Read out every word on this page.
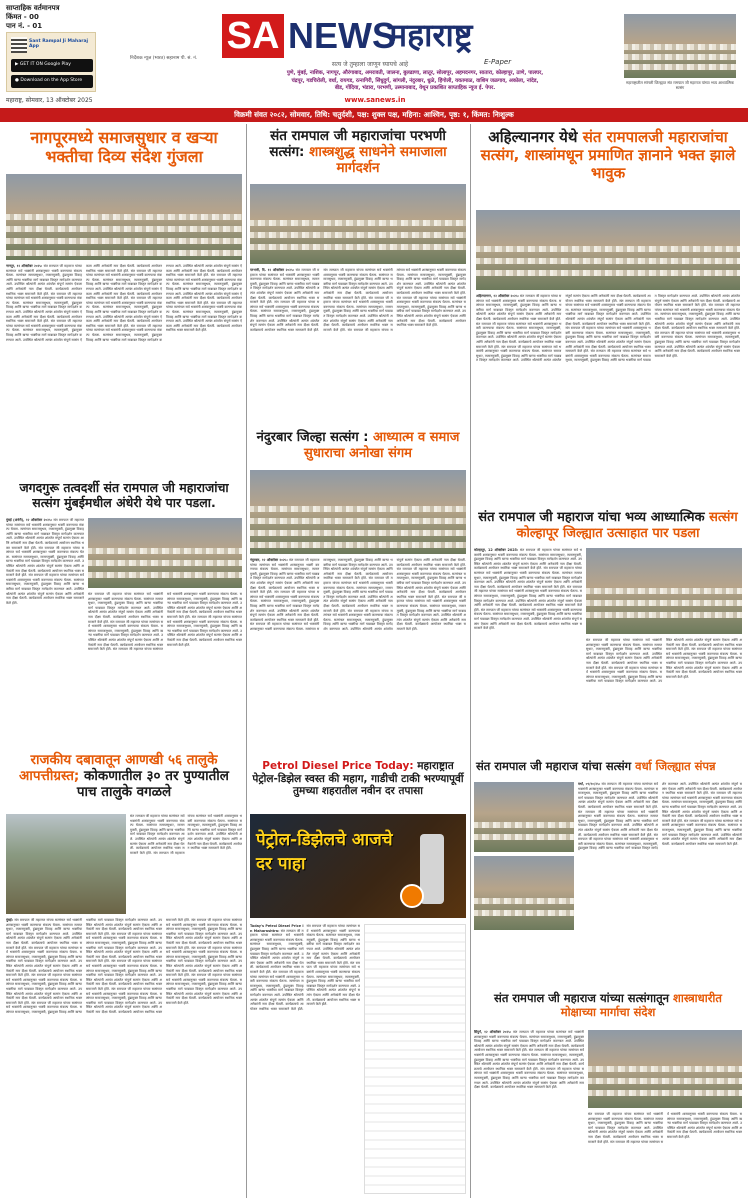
साप्ताहिक वर्तमानपत्र
किंमत - 00
पान नं. - 01
Sant Rampal Ji Maharaj App
▶ GET IT ON Google Play
● Download on the App Store
निर्देशक न्यूज (भारत) सहानाम पी. सं. नं.
SA NEWS
महाराष्ट्र
सत्य जे तुम्हाला जाणून घ्यायचे आहे	E-Paper
महाराष्ट्रातील सांगली जिल्ह्यात संत रामपाल जी महाराज यांच्या भव्य आध्यात्मिक सत्संग
पुणे, मुंबई, नाशिक, नागपूर, औरंगाबाद, अमरावती, जालना, बुलढाणा, लातूर, सोलापूर, अहमदनगर, सातारा, कोल्हापूर, ठाणे, पालघर,
चंद्रपूर, गडचिरोली, वर्धा, रायगड, रत्नागिरी, सिंधुदुर्ग, सांगली, नंदुरबार, धुळे, हिंगोली, यवतमाळ, वाशिम जळगाव, अकोला, नांदेड,
बीड, गोंदिया, भंडारा, परभणी, उस्मानाबाद, येथून प्रकाशित साप्ताहिक न्यूज ई. पेपर.
महाराष्ट्र, सोमवार, 13 ऑक्टोबर 2025	www.sanews.in
विक्रमी संवत २०८२, सोमवार, तिथि: चतुर्दशी, पक्ष: शुक्ल पक्ष, महिना: आश्विन, पृष्ठ: १, किंमत: निःशुल्क
नागपूरमध्ये समाजसुधार व खऱ्या भक्तीचा दिव्य संदेश गुंजला
नागपूर, १२ ऑक्टोबर २०२५: संत रामपाल जी महाराज यांच्या सत्संगात सर्व भक्तांनी शास्त्रानुसार भक्ती करण्याचा संकल्प घेतला. सत्संगात समाजसुधार, व्यसनमुक्ती, हुंडामुक्त विवाह आणि खऱ्या भक्तीचा मार्ग याबाबत विस्तृत मार्गदर्शन करण्यात आले. उपस्थित श्रोत्यांनी अत्यंत शांततेत संपूर्ण सत्संग ऐकला आणि अनेकांनी नाम दीक्षा घेतली. कार्यक्रमाचे आयोजन स्थानिक भक्त समाजाने केले होते. संत रामपाल जी महाराज यांच्या सत्संगात सर्व भक्तांनी शास्त्रानुसार भक्ती करण्याचा संकल्प घेतला. सत्संगात समाजसुधार, व्यसनमुक्ती, हुंडामुक्त विवाह आणि खऱ्या भक्तीचा मार्ग याबाबत विस्तृत मार्गदर्शन करण्यात आले. उपस्थित श्रोत्यांनी अत्यंत शांततेत संपूर्ण सत्संग ऐकला आणि अनेकांनी नाम दीक्षा घेतली. कार्यक्रमाचे आयोजन स्थानिक भक्त समाजाने केले होते. संत रामपाल जी महाराज यांच्या सत्संगात सर्व भक्तांनी शास्त्रानुसार भक्ती करण्याचा संकल्प घेतला. सत्संगात समाजसुधार, व्यसनमुक्ती, हुंडामुक्त विवाह आणि खऱ्या भक्तीचा मार्ग याबाबत विस्तृत मार्गदर्शन करण्यात आले. उपस्थित श्रोत्यांनी अत्यंत शांततेत संपूर्ण सत्संग ऐकला आणि अनेकांनी नाम दीक्षा घेतली. कार्यक्रमाचे आयोजन स्थानिक भक्त समाजाने केले होते. संत रामपाल जी महाराज यांच्या सत्संगात सर्व भक्तांनी शास्त्रानुसार भक्ती करण्याचा संकल्प घेतला. सत्संगात समाजसुधार, व्यसनमुक्ती, हुंडामुक्त विवाह आणि खऱ्या भक्तीचा मार्ग याबाबत विस्तृत मार्गदर्शन करण्यात आले. उपस्थित श्रोत्यांनी अत्यंत शांततेत संपूर्ण सत्संग ऐकला आणि अनेकांनी नाम दीक्षा घेतली. कार्यक्रमाचे आयोजन स्थानिक भक्त समाजाने केले होते. संत रामपाल जी महाराज यांच्या सत्संगात सर्व भक्तांनी शास्त्रानुसार भक्ती करण्याचा संकल्प घेतला. सत्संगात समाजसुधार, व्यसनमुक्ती, हुंडामुक्त विवाह आणि खऱ्या भक्तीचा मार्ग याबाबत विस्तृत मार्गदर्शन करण्यात आले. उपस्थित श्रोत्यांनी अत्यंत शांततेत संपूर्ण सत्संग ऐकला आणि अनेकांनी नाम दीक्षा घेतली. कार्यक्रमाचे आयोजन स्थानिक भक्त समाजाने केले होते. संत रामपाल जी महाराज यांच्या सत्संगात सर्व भक्तांनी शास्त्रानुसार भक्ती करण्याचा संकल्प घेतला. सत्संगात समाजसुधार, व्यसनमुक्ती, हुंडामुक्त विवाह आणि खऱ्या भक्तीचा मार्ग याबाबत विस्तृत मार्गदर्शन करण्यात आले. उपस्थित श्रोत्यांनी अत्यंत शांततेत संपूर्ण सत्संग ऐकला आणि अनेकांनी नाम दीक्षा घेतली. कार्यक्रमाचे आयोजन स्थानिक भक्त समाजाने केले होते. संत रामपाल जी महाराज यांच्या सत्संगात सर्व भक्तांनी शास्त्रानुसार भक्ती करण्याचा संकल्प घेतला. सत्संगात समाजसुधार, व्यसनमुक्ती, हुंडामुक्त विवाह आणि खऱ्या भक्तीचा मार्ग याबाबत विस्तृत मार्गदर्शन करण्यात आले. उपस्थित श्रोत्यांनी अत्यंत शांततेत संपूर्ण सत्संग ऐकला आणि अनेकांनी नाम दीक्षा घेतली. कार्यक्रमाचे आयोजन स्थानिक भक्त समाजाने केले होते. संत रामपाल जी महाराज यांच्या सत्संगात सर्व भक्तांनी शास्त्रानुसार भक्ती करण्याचा संकल्प घेतला. सत्संगात समाजसुधार, व्यसनमुक्ती, हुंडामुक्त विवाह आणि खऱ्या भक्तीचा मार्ग याबाबत विस्तृत मार्गदर्शन करण्यात आले. उपस्थित श्रोत्यांनी अत्यंत शांततेत संपूर्ण सत्संग ऐकला आणि अनेकांनी नाम दीक्षा घेतली. कार्यक्रमाचे आयोजन स्थानिक भक्त समाजाने केले होते.
संत रामपाल जी महाराजांचा परभणी सत्संग: शास्त्रशुद्ध साधनेने समाजाला मार्गदर्शन
परभणी, दि. १२ ऑक्टोबर २०२५: संत रामपाल जी महाराज यांच्या सत्संगात सर्व भक्तांनी शास्त्रानुसार भक्ती करण्याचा संकल्प घेतला. सत्संगात समाजसुधार, व्यसनमुक्ती, हुंडामुक्त विवाह आणि खऱ्या भक्तीचा मार्ग याबाबत विस्तृत मार्गदर्शन करण्यात आले. उपस्थित श्रोत्यांनी अत्यंत शांततेत संपूर्ण सत्संग ऐकला आणि अनेकांनी नाम दीक्षा घेतली. कार्यक्रमाचे आयोजन स्थानिक भक्त समाजाने केले होते. संत रामपाल जी महाराज यांच्या सत्संगात सर्व भक्तांनी शास्त्रानुसार भक्ती करण्याचा संकल्प घेतला. सत्संगात समाजसुधार, व्यसनमुक्ती, हुंडामुक्त विवाह आणि खऱ्या भक्तीचा मार्ग याबाबत विस्तृत मार्गदर्शन करण्यात आले. उपस्थित श्रोत्यांनी अत्यंत शांततेत संपूर्ण सत्संग ऐकला आणि अनेकांनी नाम दीक्षा घेतली. कार्यक्रमाचे आयोजन स्थानिक भक्त समाजाने केले होते. संत रामपाल जी महाराज यांच्या सत्संगात सर्व भक्तांनी शास्त्रानुसार भक्ती करण्याचा संकल्प घेतला. सत्संगात समाजसुधार, व्यसनमुक्ती, हुंडामुक्त विवाह आणि खऱ्या भक्तीचा मार्ग याबाबत विस्तृत मार्गदर्शन करण्यात आले. उपस्थित श्रोत्यांनी अत्यंत शांततेत संपूर्ण सत्संग ऐकला आणि अनेकांनी नाम दीक्षा घेतली. कार्यक्रमाचे आयोजन स्थानिक भक्त समाजाने केले होते. संत रामपाल जी महाराज यांच्या सत्संगात सर्व भक्तांनी शास्त्रानुसार भक्ती करण्याचा संकल्प घेतला. सत्संगात समाजसुधार, व्यसनमुक्ती, हुंडामुक्त विवाह आणि खऱ्या भक्तीचा मार्ग याबाबत विस्तृत मार्गदर्शन करण्यात आले. उपस्थित श्रोत्यांनी अत्यंत शांततेत संपूर्ण सत्संग ऐकला आणि अनेकांनी नाम दीक्षा घेतली. कार्यक्रमाचे आयोजन स्थानिक भक्त समाजाने केले होते. संत रामपाल जी महाराज यांच्या सत्संगात सर्व भक्तांनी शास्त्रानुसार भक्ती करण्याचा संकल्प घेतला. सत्संगात समाजसुधार, व्यसनमुक्ती, हुंडामुक्त विवाह आणि खऱ्या भक्तीचा मार्ग याबाबत विस्तृत मार्गदर्शन करण्यात आले. उपस्थित श्रोत्यांनी अत्यंत शांततेत संपूर्ण सत्संग ऐकला आणि अनेकांनी नाम दीक्षा घेतली. कार्यक्रमाचे आयोजन स्थानिक भक्त समाजाने केले होते. संत रामपाल जी महाराज यांच्या सत्संगात सर्व भक्तांनी शास्त्रानुसार भक्ती करण्याचा संकल्प घेतला. सत्संगात समाजसुधार, व्यसनमुक्ती, हुंडामुक्त विवाह आणि खऱ्या भक्तीचा मार्ग याबाबत विस्तृत मार्गदर्शन करण्यात आले. उपस्थित श्रोत्यांनी अत्यंत शांततेत संपूर्ण सत्संग ऐकला आणि अनेकांनी नाम दीक्षा घेतली. कार्यक्रमाचे आयोजन स्थानिक भक्त समाजाने केले होते.
अहिल्यानगर येथे संत रामपालजी महाराजांचा सत्संग, शास्त्रांमधून प्रमाणित ज्ञानाने भक्त झाले भावुक
अहिल्यानगर, १२ ऑक्टोबर २०२५: संत रामपाल जी महाराज यांच्या सत्संगात सर्व भक्तांनी शास्त्रानुसार भक्ती करण्याचा संकल्प घेतला. सत्संगात समाजसुधार, व्यसनमुक्ती, हुंडामुक्त विवाह आणि खऱ्या भक्तीचा मार्ग याबाबत विस्तृत मार्गदर्शन करण्यात आले. उपस्थित श्रोत्यांनी अत्यंत शांततेत संपूर्ण सत्संग ऐकला आणि अनेकांनी नाम दीक्षा घेतली. कार्यक्रमाचे आयोजन स्थानिक भक्त समाजाने केले होते. संत रामपाल जी महाराज यांच्या सत्संगात सर्व भक्तांनी शास्त्रानुसार भक्ती करण्याचा संकल्प घेतला. सत्संगात समाजसुधार, व्यसनमुक्ती, हुंडामुक्त विवाह आणि खऱ्या भक्तीचा मार्ग याबाबत विस्तृत मार्गदर्शन करण्यात आले. उपस्थित श्रोत्यांनी अत्यंत शांततेत संपूर्ण सत्संग ऐकला आणि अनेकांनी नाम दीक्षा घेतली. कार्यक्रमाचे आयोजन स्थानिक भक्त समाजाने केले होते. संत रामपाल जी महाराज यांच्या सत्संगात सर्व भक्तांनी शास्त्रानुसार भक्ती करण्याचा संकल्प घेतला. सत्संगात समाजसुधार, व्यसनमुक्ती, हुंडामुक्त विवाह आणि खऱ्या भक्तीचा मार्ग याबाबत विस्तृत मार्गदर्शन करण्यात आले. उपस्थित श्रोत्यांनी अत्यंत शांततेत संपूर्ण सत्संग ऐकला आणि अनेकांनी नाम दीक्षा घेतली. कार्यक्रमाचे आयोजन स्थानिक भक्त समाजाने केले होते. संत रामपाल जी महाराज यांच्या सत्संगात सर्व भक्तांनी शास्त्रानुसार भक्ती करण्याचा संकल्प घेतला. सत्संगात समाजसुधार, व्यसनमुक्ती, हुंडामुक्त विवाह आणि खऱ्या भक्तीचा मार्ग याबाबत विस्तृत मार्गदर्शन करण्यात आले. उपस्थित श्रोत्यांनी अत्यंत शांततेत संपूर्ण सत्संग ऐकला आणि अनेकांनी नाम दीक्षा घेतली. कार्यक्रमाचे आयोजन स्थानिक भक्त समाजाने केले होते. संत रामपाल जी महाराज यांच्या सत्संगात सर्व भक्तांनी शास्त्रानुसार भक्ती करण्याचा संकल्प घेतला. सत्संगात समाजसुधार, व्यसनमुक्ती, हुंडामुक्त विवाह आणि खऱ्या भक्तीचा मार्ग याबाबत विस्तृत मार्गदर्शन करण्यात आले. उपस्थित श्रोत्यांनी अत्यंत शांततेत संपूर्ण सत्संग ऐकला आणि अनेकांनी नाम दीक्षा घेतली. कार्यक्रमाचे आयोजन स्थानिक भक्त समाजाने केले होते. संत रामपाल जी महाराज यांच्या सत्संगात सर्व भक्तांनी शास्त्रानुसार भक्ती करण्याचा संकल्प घेतला. सत्संगात समाजसुधार, व्यसनमुक्ती, हुंडामुक्त विवाह आणि खऱ्या भक्तीचा मार्ग याबाबत विस्तृत मार्गदर्शन करण्यात आले. उपस्थित श्रोत्यांनी अत्यंत शांततेत संपूर्ण सत्संग ऐकला आणि अनेकांनी नाम दीक्षा घेतली. कार्यक्रमाचे आयोजन स्थानिक भक्त समाजाने केले होते. संत रामपाल जी महाराज यांच्या सत्संगात सर्व भक्तांनी शास्त्रानुसार भक्ती करण्याचा संकल्प घेतला. सत्संगात समाजसुधार, व्यसनमुक्ती, हुंडामुक्त विवाह आणि खऱ्या भक्तीचा मार्ग याबाबत विस्तृत मार्गदर्शन करण्यात आले. उपस्थित श्रोत्यांनी अत्यंत शांततेत संपूर्ण सत्संग ऐकला आणि अनेकांनी नाम दीक्षा घेतली. कार्यक्रमाचे आयोजन स्थानिक भक्त समाजाने केले होते. संत रामपाल जी महाराज यांच्या सत्संगात सर्व भक्तांनी शास्त्रानुसार भक्ती करण्याचा संकल्प घेतला. सत्संगात समाजसुधार, व्यसनमुक्ती, हुंडामुक्त विवाह आणि खऱ्या भक्तीचा मार्ग याबाबत विस्तृत मार्गदर्शन करण्यात आले. उपस्थित श्रोत्यांनी अत्यंत शांततेत संपूर्ण सत्संग ऐकला आणि अनेकांनी नाम दीक्षा घेतली. कार्यक्रमाचे आयोजन स्थानिक भक्त समाजाने केले होते.
जगदगुरू तत्वदर्शी संत रामपाल जी महाराजांचा सत्संग मुंबईमधील अंधेरी येथे पार पडला.
मुंबई (अंधेरी), १२ ऑक्टोबर २०२५: संत रामपाल जी महाराज यांच्या सत्संगात सर्व भक्तांनी शास्त्रानुसार भक्ती करण्याचा संकल्प घेतला. सत्संगात समाजसुधार, व्यसनमुक्ती, हुंडामुक्त विवाह आणि खऱ्या भक्तीचा मार्ग याबाबत विस्तृत मार्गदर्शन करण्यात आले. उपस्थित श्रोत्यांनी अत्यंत शांततेत संपूर्ण सत्संग ऐकला आणि अनेकांनी नाम दीक्षा घेतली. कार्यक्रमाचे आयोजन स्थानिक भक्त समाजाने केले होते. संत रामपाल जी महाराज यांच्या सत्संगात सर्व भक्तांनी शास्त्रानुसार भक्ती करण्याचा संकल्प घेतला. सत्संगात समाजसुधार, व्यसनमुक्ती, हुंडामुक्त विवाह आणि खऱ्या भक्तीचा मार्ग याबाबत विस्तृत मार्गदर्शन करण्यात आले. उपस्थित श्रोत्यांनी अत्यंत शांततेत संपूर्ण सत्संग ऐकला आणि अनेकांनी नाम दीक्षा घेतली. कार्यक्रमाचे आयोजन स्थानिक भक्त समाजाने केले होते. संत रामपाल जी महाराज यांच्या सत्संगात सर्व भक्तांनी शास्त्रानुसार भक्ती करण्याचा संकल्प घेतला. सत्संगात समाजसुधार, व्यसनमुक्ती, हुंडामुक्त विवाह आणि खऱ्या भक्तीचा मार्ग याबाबत विस्तृत मार्गदर्शन करण्यात आले. उपस्थित श्रोत्यांनी अत्यंत शांततेत संपूर्ण सत्संग ऐकला आणि अनेकांनी नाम दीक्षा घेतली. कार्यक्रमाचे आयोजन स्थानिक भक्त समाजाने केले होते.
संत रामपाल जी महाराज यांच्या सत्संगात सर्व भक्तांनी शास्त्रानुसार भक्ती करण्याचा संकल्प घेतला. सत्संगात समाजसुधार, व्यसनमुक्ती, हुंडामुक्त विवाह आणि खऱ्या भक्तीचा मार्ग याबाबत विस्तृत मार्गदर्शन करण्यात आले. उपस्थित श्रोत्यांनी अत्यंत शांततेत संपूर्ण सत्संग ऐकला आणि अनेकांनी नाम दीक्षा घेतली. कार्यक्रमाचे आयोजन स्थानिक भक्त समाजाने केले होते. संत रामपाल जी महाराज यांच्या सत्संगात सर्व भक्तांनी शास्त्रानुसार भक्ती करण्याचा संकल्प घेतला. सत्संगात समाजसुधार, व्यसनमुक्ती, हुंडामुक्त विवाह आणि खऱ्या भक्तीचा मार्ग याबाबत विस्तृत मार्गदर्शन करण्यात आले. उपस्थित श्रोत्यांनी अत्यंत शांततेत संपूर्ण सत्संग ऐकला आणि अनेकांनी नाम दीक्षा घेतली. कार्यक्रमाचे आयोजन स्थानिक भक्त समाजाने केले होते. संत रामपाल जी महाराज यांच्या सत्संगात सर्व भक्तांनी शास्त्रानुसार भक्ती करण्याचा संकल्प घेतला. सत्संगात समाजसुधार, व्यसनमुक्ती, हुंडामुक्त विवाह आणि खऱ्या भक्तीचा मार्ग याबाबत विस्तृत मार्गदर्शन करण्यात आले. उपस्थित श्रोत्यांनी अत्यंत शांततेत संपूर्ण सत्संग ऐकला आणि अनेकांनी नाम दीक्षा घेतली. कार्यक्रमाचे आयोजन स्थानिक भक्त समाजाने केले होते. संत रामपाल जी महाराज यांच्या सत्संगात सर्व भक्तांनी शास्त्रानुसार भक्ती करण्याचा संकल्प घेतला. सत्संगात समाजसुधार, व्यसनमुक्ती, हुंडामुक्त विवाह आणि खऱ्या भक्तीचा मार्ग याबाबत विस्तृत मार्गदर्शन करण्यात आले. उपस्थित श्रोत्यांनी अत्यंत शांततेत संपूर्ण सत्संग ऐकला आणि अनेकांनी नाम दीक्षा घेतली. कार्यक्रमाचे आयोजन स्थानिक भक्त समाजाने केले होते.
नंदुरबार जिल्हा सत्संग : आध्यात्म व समाज सुधाराचा अनोखा संगम
नंदुरबार, १२ ऑक्टोबर २०२५: संत रामपाल जी महाराज यांच्या सत्संगात सर्व भक्तांनी शास्त्रानुसार भक्ती करण्याचा संकल्प घेतला. सत्संगात समाजसुधार, व्यसनमुक्ती, हुंडामुक्त विवाह आणि खऱ्या भक्तीचा मार्ग याबाबत विस्तृत मार्गदर्शन करण्यात आले. उपस्थित श्रोत्यांनी अत्यंत शांततेत संपूर्ण सत्संग ऐकला आणि अनेकांनी नाम दीक्षा घेतली. कार्यक्रमाचे आयोजन स्थानिक भक्त समाजाने केले होते. संत रामपाल जी महाराज यांच्या सत्संगात सर्व भक्तांनी शास्त्रानुसार भक्ती करण्याचा संकल्प घेतला. सत्संगात समाजसुधार, व्यसनमुक्ती, हुंडामुक्त विवाह आणि खऱ्या भक्तीचा मार्ग याबाबत विस्तृत मार्गदर्शन करण्यात आले. उपस्थित श्रोत्यांनी अत्यंत शांततेत संपूर्ण सत्संग ऐकला आणि अनेकांनी नाम दीक्षा घेतली. कार्यक्रमाचे आयोजन स्थानिक भक्त समाजाने केले होते. संत रामपाल जी महाराज यांच्या सत्संगात सर्व भक्तांनी शास्त्रानुसार भक्ती करण्याचा संकल्प घेतला. सत्संगात समाजसुधार, व्यसनमुक्ती, हुंडामुक्त विवाह आणि खऱ्या भक्तीचा मार्ग याबाबत विस्तृत मार्गदर्शन करण्यात आले. उपस्थित श्रोत्यांनी अत्यंत शांततेत संपूर्ण सत्संग ऐकला आणि अनेकांनी नाम दीक्षा घेतली. कार्यक्रमाचे आयोजन स्थानिक भक्त समाजाने केले होते. संत रामपाल जी महाराज यांच्या सत्संगात सर्व भक्तांनी शास्त्रानुसार भक्ती करण्याचा संकल्प घेतला. सत्संगात समाजसुधार, व्यसनमुक्ती, हुंडामुक्त विवाह आणि खऱ्या भक्तीचा मार्ग याबाबत विस्तृत मार्गदर्शन करण्यात आले. उपस्थित श्रोत्यांनी अत्यंत शांततेत संपूर्ण सत्संग ऐकला आणि अनेकांनी नाम दीक्षा घेतली. कार्यक्रमाचे आयोजन स्थानिक भक्त समाजाने केले होते. संत रामपाल जी महाराज यांच्या सत्संगात सर्व भक्तांनी शास्त्रानुसार भक्ती करण्याचा संकल्प घेतला. सत्संगात समाजसुधार, व्यसनमुक्ती, हुंडामुक्त विवाह आणि खऱ्या भक्तीचा मार्ग याबाबत विस्तृत मार्गदर्शन करण्यात आले. उपस्थित श्रोत्यांनी अत्यंत शांततेत संपूर्ण सत्संग ऐकला आणि अनेकांनी नाम दीक्षा घेतली. कार्यक्रमाचे आयोजन स्थानिक भक्त समाजाने केले होते. संत रामपाल जी महाराज यांच्या सत्संगात सर्व भक्तांनी शास्त्रानुसार भक्ती करण्याचा संकल्प घेतला. सत्संगात समाजसुधार, व्यसनमुक्ती, हुंडामुक्त विवाह आणि खऱ्या भक्तीचा मार्ग याबाबत विस्तृत मार्गदर्शन करण्यात आले. उपस्थित श्रोत्यांनी अत्यंत शांततेत संपूर्ण सत्संग ऐकला आणि अनेकांनी नाम दीक्षा घेतली. कार्यक्रमाचे आयोजन स्थानिक भक्त समाजाने केले होते. संत रामपाल जी महाराज यांच्या सत्संगात सर्व भक्तांनी शास्त्रानुसार भक्ती करण्याचा संकल्प घेतला. सत्संगात समाजसुधार, व्यसनमुक्ती, हुंडामुक्त विवाह आणि खऱ्या भक्तीचा मार्ग याबाबत विस्तृत मार्गदर्शन करण्यात आले. उपस्थित श्रोत्यांनी अत्यंत शांततेत संपूर्ण सत्संग ऐकला आणि अनेकांनी नाम दीक्षा घेतली. कार्यक्रमाचे आयोजन स्थानिक भक्त समाजाने केले होते.
संत रामपाल जी महाराज यांचा भव्य आध्यात्मिक सत्संग कोल्हापूर जिल्ह्यात उत्साहात पार पडला
कोल्हापूर, 12 ऑक्टोबर 2025: संत रामपाल जी महाराज यांच्या सत्संगात सर्व भक्तांनी शास्त्रानुसार भक्ती करण्याचा संकल्प घेतला. सत्संगात समाजसुधार, व्यसनमुक्ती, हुंडामुक्त विवाह आणि खऱ्या भक्तीचा मार्ग याबाबत विस्तृत मार्गदर्शन करण्यात आले. उपस्थित श्रोत्यांनी अत्यंत शांततेत संपूर्ण सत्संग ऐकला आणि अनेकांनी नाम दीक्षा घेतली. कार्यक्रमाचे आयोजन स्थानिक भक्त समाजाने केले होते. संत रामपाल जी महाराज यांच्या सत्संगात सर्व भक्तांनी शास्त्रानुसार भक्ती करण्याचा संकल्प घेतला. सत्संगात समाजसुधार, व्यसनमुक्ती, हुंडामुक्त विवाह आणि खऱ्या भक्तीचा मार्ग याबाबत विस्तृत मार्गदर्शन करण्यात आले. उपस्थित श्रोत्यांनी अत्यंत शांततेत संपूर्ण सत्संग ऐकला आणि अनेकांनी नाम दीक्षा घेतली. कार्यक्रमाचे आयोजन स्थानिक भक्त समाजाने केले होते. संत रामपाल जी महाराज यांच्या सत्संगात सर्व भक्तांनी शास्त्रानुसार भक्ती करण्याचा संकल्प घेतला. सत्संगात समाजसुधार, व्यसनमुक्ती, हुंडामुक्त विवाह आणि खऱ्या भक्तीचा मार्ग याबाबत विस्तृत मार्गदर्शन करण्यात आले. उपस्थित श्रोत्यांनी अत्यंत शांततेत संपूर्ण सत्संग ऐकला आणि अनेकांनी नाम दीक्षा घेतली. कार्यक्रमाचे आयोजन स्थानिक भक्त समाजाने केले होते. संत रामपाल जी महाराज यांच्या सत्संगात सर्व भक्तांनी शास्त्रानुसार भक्ती करण्याचा संकल्प घेतला. सत्संगात समाजसुधार, व्यसनमुक्ती, हुंडामुक्त विवाह आणि खऱ्या भक्तीचा मार्ग याबाबत विस्तृत मार्गदर्शन करण्यात आले. उपस्थित श्रोत्यांनी अत्यंत शांततेत संपूर्ण सत्संग ऐकला आणि अनेकांनी नाम दीक्षा घेतली. कार्यक्रमाचे आयोजन स्थानिक भक्त समाजाने केले होते.
संत रामपाल जी महाराज यांच्या सत्संगात सर्व भक्तांनी शास्त्रानुसार भक्ती करण्याचा संकल्प घेतला. सत्संगात समाजसुधार, व्यसनमुक्ती, हुंडामुक्त विवाह आणि खऱ्या भक्तीचा मार्ग याबाबत विस्तृत मार्गदर्शन करण्यात आले. उपस्थित श्रोत्यांनी अत्यंत शांततेत संपूर्ण सत्संग ऐकला आणि अनेकांनी नाम दीक्षा घेतली. कार्यक्रमाचे आयोजन स्थानिक भक्त समाजाने केले होते. संत रामपाल जी महाराज यांच्या सत्संगात सर्व भक्तांनी शास्त्रानुसार भक्ती करण्याचा संकल्प घेतला. सत्संगात समाजसुधार, व्यसनमुक्ती, हुंडामुक्त विवाह आणि खऱ्या भक्तीचा मार्ग याबाबत विस्तृत मार्गदर्शन करण्यात आले. उपस्थित श्रोत्यांनी अत्यंत शांततेत संपूर्ण सत्संग ऐकला आणि अनेकांनी नाम दीक्षा घेतली. कार्यक्रमाचे आयोजन स्थानिक भक्त समाजाने केले होते. संत रामपाल जी महाराज यांच्या सत्संगात सर्व भक्तांनी शास्त्रानुसार भक्ती करण्याचा संकल्प घेतला. सत्संगात समाजसुधार, व्यसनमुक्ती, हुंडामुक्त विवाह आणि खऱ्या भक्तीचा मार्ग याबाबत विस्तृत मार्गदर्शन करण्यात आले. उपस्थित श्रोत्यांनी अत्यंत शांततेत संपूर्ण सत्संग ऐकला आणि अनेकांनी नाम दीक्षा घेतली. कार्यक्रमाचे आयोजन स्थानिक भक्त समाजाने केले होते.
राजकीय दबावातून आणखी ५६ तालुके आपत्तीग्रस्त; कोकणातील ३० तर पुण्यातील पाच तालुके वगळले
संत रामपाल जी महाराज यांच्या सत्संगात सर्व भक्तांनी शास्त्रानुसार भक्ती करण्याचा संकल्प घेतला. सत्संगात समाजसुधार, व्यसनमुक्ती, हुंडामुक्त विवाह आणि खऱ्या भक्तीचा मार्ग याबाबत विस्तृत मार्गदर्शन करण्यात आले. उपस्थित श्रोत्यांनी अत्यंत शांततेत संपूर्ण सत्संग ऐकला आणि अनेकांनी नाम दीक्षा घेतली. कार्यक्रमाचे आयोजन स्थानिक भक्त समाजाने केले होते. संत रामपाल जी महाराज यांच्या सत्संगात सर्व भक्तांनी शास्त्रानुसार भक्ती करण्याचा संकल्प घेतला. सत्संगात समाजसुधार, व्यसनमुक्ती, हुंडामुक्त विवाह आणि खऱ्या भक्तीचा मार्ग याबाबत विस्तृत मार्गदर्शन करण्यात आले. उपस्थित श्रोत्यांनी अत्यंत शांततेत संपूर्ण सत्संग ऐकला आणि अनेकांनी नाम दीक्षा घेतली. कार्यक्रमाचे आयोजन स्थानिक भक्त समाजाने केले होते.
मुंबई: संत रामपाल जी महाराज यांच्या सत्संगात सर्व भक्तांनी शास्त्रानुसार भक्ती करण्याचा संकल्प घेतला. सत्संगात समाजसुधार, व्यसनमुक्ती, हुंडामुक्त विवाह आणि खऱ्या भक्तीचा मार्ग याबाबत विस्तृत मार्गदर्शन करण्यात आले. उपस्थित श्रोत्यांनी अत्यंत शांततेत संपूर्ण सत्संग ऐकला आणि अनेकांनी नाम दीक्षा घेतली. कार्यक्रमाचे आयोजन स्थानिक भक्त समाजाने केले होते. संत रामपाल जी महाराज यांच्या सत्संगात सर्व भक्तांनी शास्त्रानुसार भक्ती करण्याचा संकल्प घेतला. सत्संगात समाजसुधार, व्यसनमुक्ती, हुंडामुक्त विवाह आणि खऱ्या भक्तीचा मार्ग याबाबत विस्तृत मार्गदर्शन करण्यात आले. उपस्थित श्रोत्यांनी अत्यंत शांततेत संपूर्ण सत्संग ऐकला आणि अनेकांनी नाम दीक्षा घेतली. कार्यक्रमाचे आयोजन स्थानिक भक्त समाजाने केले होते. संत रामपाल जी महाराज यांच्या सत्संगात सर्व भक्तांनी शास्त्रानुसार भक्ती करण्याचा संकल्प घेतला. सत्संगात समाजसुधार, व्यसनमुक्ती, हुंडामुक्त विवाह आणि खऱ्या भक्तीचा मार्ग याबाबत विस्तृत मार्गदर्शन करण्यात आले. उपस्थित श्रोत्यांनी अत्यंत शांततेत संपूर्ण सत्संग ऐकला आणि अनेकांनी नाम दीक्षा घेतली. कार्यक्रमाचे आयोजन स्थानिक भक्त समाजाने केले होते. संत रामपाल जी महाराज यांच्या सत्संगात सर्व भक्तांनी शास्त्रानुसार भक्ती करण्याचा संकल्प घेतला. सत्संगात समाजसुधार, व्यसनमुक्ती, हुंडामुक्त विवाह आणि खऱ्या भक्तीचा मार्ग याबाबत विस्तृत मार्गदर्शन करण्यात आले. उपस्थित श्रोत्यांनी अत्यंत शांततेत संपूर्ण सत्संग ऐकला आणि अनेकांनी नाम दीक्षा घेतली. कार्यक्रमाचे आयोजन स्थानिक भक्त समाजाने केले होते. संत रामपाल जी महाराज यांच्या सत्संगात सर्व भक्तांनी शास्त्रानुसार भक्ती करण्याचा संकल्प घेतला. सत्संगात समाजसुधार, व्यसनमुक्ती, हुंडामुक्त विवाह आणि खऱ्या भक्तीचा मार्ग याबाबत विस्तृत मार्गदर्शन करण्यात आले. उपस्थित श्रोत्यांनी अत्यंत शांततेत संपूर्ण सत्संग ऐकला आणि अनेकांनी नाम दीक्षा घेतली. कार्यक्रमाचे आयोजन स्थानिक भक्त समाजाने केले होते. संत रामपाल जी महाराज यांच्या सत्संगात सर्व भक्तांनी शास्त्रानुसार भक्ती करण्याचा संकल्प घेतला. सत्संगात समाजसुधार, व्यसनमुक्ती, हुंडामुक्त विवाह आणि खऱ्या भक्तीचा मार्ग याबाबत विस्तृत मार्गदर्शन करण्यात आले. उपस्थित श्रोत्यांनी अत्यंत शांततेत संपूर्ण सत्संग ऐकला आणि अनेकांनी नाम दीक्षा घेतली. कार्यक्रमाचे आयोजन स्थानिक भक्त समाजाने केले होते. संत रामपाल जी महाराज यांच्या सत्संगात सर्व भक्तांनी शास्त्रानुसार भक्ती करण्याचा संकल्प घेतला. सत्संगात समाजसुधार, व्यसनमुक्ती, हुंडामुक्त विवाह आणि खऱ्या भक्तीचा मार्ग याबाबत विस्तृत मार्गदर्शन करण्यात आले. उपस्थित श्रोत्यांनी अत्यंत शांततेत संपूर्ण सत्संग ऐकला आणि अनेकांनी नाम दीक्षा घेतली. कार्यक्रमाचे आयोजन स्थानिक भक्त समाजाने केले होते. संत रामपाल जी महाराज यांच्या सत्संगात सर्व भक्तांनी शास्त्रानुसार भक्ती करण्याचा संकल्प घेतला. सत्संगात समाजसुधार, व्यसनमुक्ती, हुंडामुक्त विवाह आणि खऱ्या भक्तीचा मार्ग याबाबत विस्तृत मार्गदर्शन करण्यात आले. उपस्थित श्रोत्यांनी अत्यंत शांततेत संपूर्ण सत्संग ऐकला आणि अनेकांनी नाम दीक्षा घेतली. कार्यक्रमाचे आयोजन स्थानिक भक्त समाजाने केले होते. संत रामपाल जी महाराज यांच्या सत्संगात सर्व भक्तांनी शास्त्रानुसार भक्ती करण्याचा संकल्प घेतला. सत्संगात समाजसुधार, व्यसनमुक्ती, हुंडामुक्त विवाह आणि खऱ्या भक्तीचा मार्ग याबाबत विस्तृत मार्गदर्शन करण्यात आले. उपस्थित श्रोत्यांनी अत्यंत शांततेत संपूर्ण सत्संग ऐकला आणि अनेकांनी नाम दीक्षा घेतली. कार्यक्रमाचे आयोजन स्थानिक भक्त समाजाने केले होते. संत रामपाल जी महाराज यांच्या सत्संगात सर्व भक्तांनी शास्त्रानुसार भक्ती करण्याचा संकल्प घेतला. सत्संगात समाजसुधार, व्यसनमुक्ती, हुंडामुक्त विवाह आणि खऱ्या भक्तीचा मार्ग याबाबत विस्तृत मार्गदर्शन करण्यात आले. उपस्थित श्रोत्यांनी अत्यंत शांततेत संपूर्ण सत्संग ऐकला आणि अनेकांनी नाम दीक्षा घेतली. कार्यक्रमाचे आयोजन स्थानिक भक्त समाजाने केले होते.
Petrol Diesel Price Today: महाराष्ट्रात पेट्रोल-डिझेल स्वस्त की महाग, गाडीची टाकी भरण्यापूर्वी तुमच्या शहरातील नवीन दर तपासा
पेट्रोल-डिझेलचे आजचे दर पाहा
Today's Petrol Diesel Price in Maharashtra: संत रामपाल जी महाराज यांच्या सत्संगात सर्व भक्तांनी शास्त्रानुसार भक्ती करण्याचा संकल्प घेतला. सत्संगात समाजसुधार, व्यसनमुक्ती, हुंडामुक्त विवाह आणि खऱ्या भक्तीचा मार्ग याबाबत विस्तृत मार्गदर्शन करण्यात आले. उपस्थित श्रोत्यांनी अत्यंत शांततेत संपूर्ण सत्संग ऐकला आणि अनेकांनी नाम दीक्षा घेतली. कार्यक्रमाचे आयोजन स्थानिक भक्त समाजाने केले होते. संत रामपाल जी महाराज यांच्या सत्संगात सर्व भक्तांनी शास्त्रानुसार भक्ती करण्याचा संकल्प घेतला. सत्संगात समाजसुधार, व्यसनमुक्ती, हुंडामुक्त विवाह आणि खऱ्या भक्तीचा मार्ग याबाबत विस्तृत मार्गदर्शन करण्यात आले. उपस्थित श्रोत्यांनी अत्यंत शांततेत संपूर्ण सत्संग ऐकला आणि अनेकांनी नाम दीक्षा घेतली. कार्यक्रमाचे आयोजन स्थानिक भक्त समाजाने केले होते. संत रामपाल जी महाराज यांच्या सत्संगात सर्व भक्तांनी शास्त्रानुसार भक्ती करण्याचा संकल्प घेतला. सत्संगात समाजसुधार, व्यसनमुक्ती, हुंडामुक्त विवाह आणि खऱ्या भक्तीचा मार्ग याबाबत विस्तृत मार्गदर्शन करण्यात आले. उपस्थित श्रोत्यांनी अत्यंत शांततेत संपूर्ण सत्संग ऐकला आणि अनेकांनी नाम दीक्षा घेतली. कार्यक्रमाचे आयोजन स्थानिक भक्त समाजाने केले होते. संत रामपाल जी महाराज यांच्या सत्संगात सर्व भक्तांनी शास्त्रानुसार भक्ती करण्याचा संकल्प घेतला. सत्संगात समाजसुधार, व्यसनमुक्ती, हुंडामुक्त विवाह आणि खऱ्या भक्तीचा मार्ग याबाबत विस्तृत मार्गदर्शन करण्यात आले. उपस्थित श्रोत्यांनी अत्यंत शांततेत संपूर्ण सत्संग ऐकला आणि अनेकांनी नाम दीक्षा घेतली. कार्यक्रमाचे आयोजन स्थानिक भक्त समाजाने केले होते.
संत रामपाल जी महाराज यांचा सत्संग वर्धा जिल्ह्यात संपन्न
वर्धा, ०९/१०/२५: संत रामपाल जी महाराज यांच्या सत्संगात सर्व भक्तांनी शास्त्रानुसार भक्ती करण्याचा संकल्प घेतला. सत्संगात समाजसुधार, व्यसनमुक्ती, हुंडामुक्त विवाह आणि खऱ्या भक्तीचा मार्ग याबाबत विस्तृत मार्गदर्शन करण्यात आले. उपस्थित श्रोत्यांनी अत्यंत शांततेत संपूर्ण सत्संग ऐकला आणि अनेकांनी नाम दीक्षा घेतली. कार्यक्रमाचे आयोजन स्थानिक भक्त समाजाने केले होते. संत रामपाल जी महाराज यांच्या सत्संगात सर्व भक्तांनी शास्त्रानुसार भक्ती करण्याचा संकल्प घेतला. सत्संगात समाजसुधार, व्यसनमुक्ती, हुंडामुक्त विवाह आणि खऱ्या भक्तीचा मार्ग याबाबत विस्तृत मार्गदर्शन करण्यात आले. उपस्थित श्रोत्यांनी अत्यंत शांततेत संपूर्ण सत्संग ऐकला आणि अनेकांनी नाम दीक्षा घेतली. कार्यक्रमाचे आयोजन स्थानिक भक्त समाजाने केले होते. संत रामपाल जी महाराज यांच्या सत्संगात सर्व भक्तांनी शास्त्रानुसार भक्ती करण्याचा संकल्प घेतला. सत्संगात समाजसुधार, व्यसनमुक्ती, हुंडामुक्त विवाह आणि खऱ्या भक्तीचा मार्ग याबाबत विस्तृत मार्गदर्शन करण्यात आले. उपस्थित श्रोत्यांनी अत्यंत शांततेत संपूर्ण सत्संग ऐकला आणि अनेकांनी नाम दीक्षा घेतली. कार्यक्रमाचे आयोजन स्थानिक भक्त समाजाने केले होते. संत रामपाल जी महाराज यांच्या सत्संगात सर्व भक्तांनी शास्त्रानुसार भक्ती करण्याचा संकल्प घेतला. सत्संगात समाजसुधार, व्यसनमुक्ती, हुंडामुक्त विवाह आणि खऱ्या भक्तीचा मार्ग याबाबत विस्तृत मार्गदर्शन करण्यात आले. उपस्थित श्रोत्यांनी अत्यंत शांततेत संपूर्ण सत्संग ऐकला आणि अनेकांनी नाम दीक्षा घेतली. कार्यक्रमाचे आयोजन स्थानिक भक्त समाजाने केले होते. संत रामपाल जी महाराज यांच्या सत्संगात सर्व भक्तांनी शास्त्रानुसार भक्ती करण्याचा संकल्प घेतला. सत्संगात समाजसुधार, व्यसनमुक्ती, हुंडामुक्त विवाह आणि खऱ्या भक्तीचा मार्ग याबाबत विस्तृत मार्गदर्शन करण्यात आले. उपस्थित श्रोत्यांनी अत्यंत शांततेत संपूर्ण सत्संग ऐकला आणि अनेकांनी नाम दीक्षा घेतली. कार्यक्रमाचे आयोजन स्थानिक भक्त समाजाने केले होते.
संत रामपाल जी महाराज यांच्या सत्संगातून शास्त्राधारीत मोक्षाच्या मार्गाचा संदेश
सिंदुर्ग, १२ ऑक्टोबर २०२५: संत रामपाल जी महाराज यांच्या सत्संगात सर्व भक्तांनी शास्त्रानुसार भक्ती करण्याचा संकल्प घेतला. सत्संगात समाजसुधार, व्यसनमुक्ती, हुंडामुक्त विवाह आणि खऱ्या भक्तीचा मार्ग याबाबत विस्तृत मार्गदर्शन करण्यात आले. उपस्थित श्रोत्यांनी अत्यंत शांततेत संपूर्ण सत्संग ऐकला आणि अनेकांनी नाम दीक्षा घेतली. कार्यक्रमाचे आयोजन स्थानिक भक्त समाजाने केले होते. संत रामपाल जी महाराज यांच्या सत्संगात सर्व भक्तांनी शास्त्रानुसार भक्ती करण्याचा संकल्प घेतला. सत्संगात समाजसुधार, व्यसनमुक्ती, हुंडामुक्त विवाह आणि खऱ्या भक्तीचा मार्ग याबाबत विस्तृत मार्गदर्शन करण्यात आले. उपस्थित श्रोत्यांनी अत्यंत शांततेत संपूर्ण सत्संग ऐकला आणि अनेकांनी नाम दीक्षा घेतली. कार्यक्रमाचे आयोजन स्थानिक भक्त समाजाने केले होते. संत रामपाल जी महाराज यांच्या सत्संगात सर्व भक्तांनी शास्त्रानुसार भक्ती करण्याचा संकल्प घेतला. सत्संगात समाजसुधार, व्यसनमुक्ती, हुंडामुक्त विवाह आणि खऱ्या भक्तीचा मार्ग याबाबत विस्तृत मार्गदर्शन करण्यात आले. उपस्थित श्रोत्यांनी अत्यंत शांततेत संपूर्ण सत्संग ऐकला आणि अनेकांनी नाम दीक्षा घेतली. कार्यक्रमाचे आयोजन स्थानिक भक्त समाजाने केले होते.
संत रामपाल जी महाराज यांच्या सत्संगात सर्व भक्तांनी शास्त्रानुसार भक्ती करण्याचा संकल्प घेतला. सत्संगात समाजसुधार, व्यसनमुक्ती, हुंडामुक्त विवाह आणि खऱ्या भक्तीचा मार्ग याबाबत विस्तृत मार्गदर्शन करण्यात आले. उपस्थित श्रोत्यांनी अत्यंत शांततेत संपूर्ण सत्संग ऐकला आणि अनेकांनी नाम दीक्षा घेतली. कार्यक्रमाचे आयोजन स्थानिक भक्त समाजाने केले होते. संत रामपाल जी महाराज यांच्या सत्संगात सर्व भक्तांनी शास्त्रानुसार भक्ती करण्याचा संकल्प घेतला. सत्संगात समाजसुधार, व्यसनमुक्ती, हुंडामुक्त विवाह आणि खऱ्या भक्तीचा मार्ग याबाबत विस्तृत मार्गदर्शन करण्यात आले. उपस्थित श्रोत्यांनी अत्यंत शांततेत संपूर्ण सत्संग ऐकला आणि अनेकांनी नाम दीक्षा घेतली. कार्यक्रमाचे आयोजन स्थानिक भक्त समाजाने केले होते.
